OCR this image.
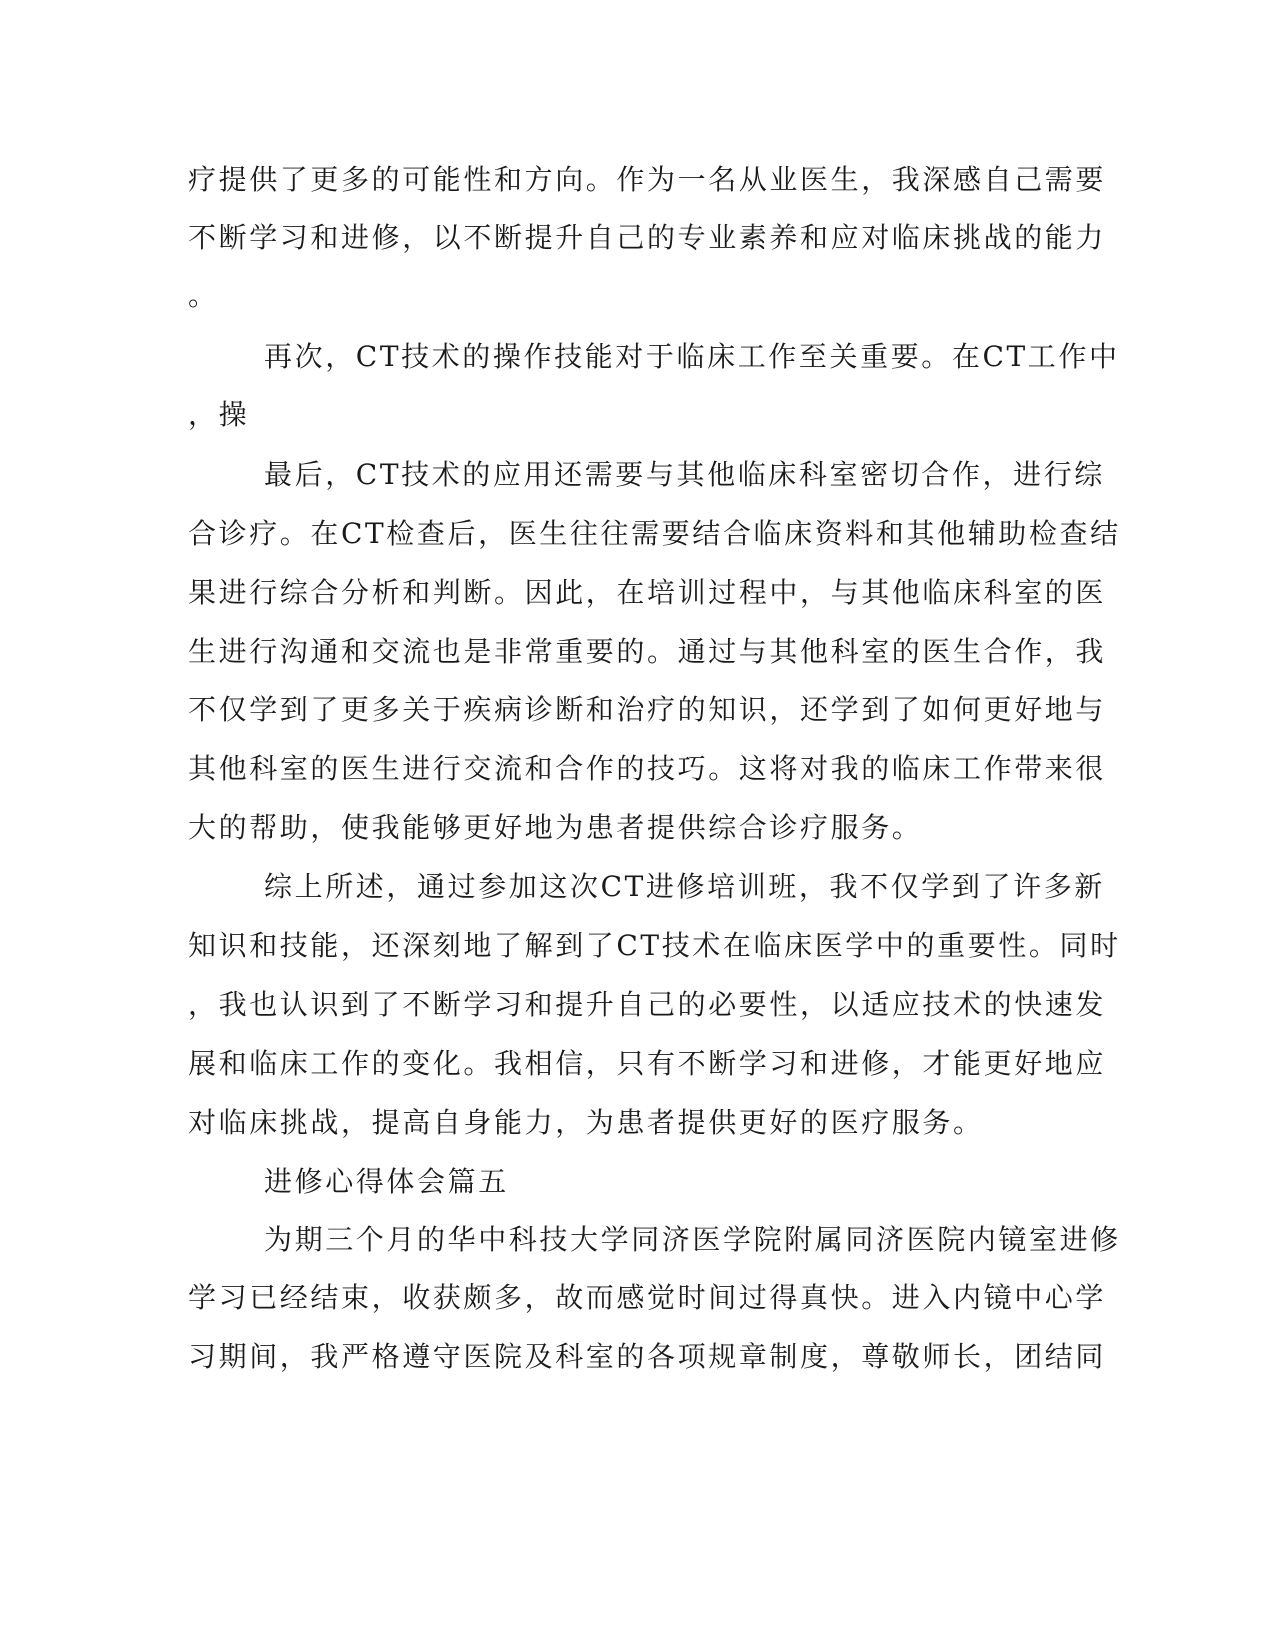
疗提供了更多的可能性和方向。作为一名从业医生，我深感自己需要

不断学习和进修，以不断提升自己的专业素养和应对临床挑战的能力

。

再次，CT技术的操作技能对于临床工作至关重要。在CT工作中

，操

最后，CT技术的应用还需要与其他临床科室密切合作，进行综

合诊疗。在CT检查后，医生往往需要结合临床资料和其他辅助检查结

果进行综合分析和判断。因此，在培训过程中，与其他临床科室的医

生进行沟通和交流也是非常重要的。通过与其他科室的医生合作，我

不仅学到了更多关于疾病诊断和治疗的知识，还学到了如何更好地与

其他科室的医生进行交流和合作的技巧。这将对我的临床工作带来很

大的帮助，使我能够更好地为患者提供综合诊疗服务。

综上所述，通过参加这次CT进修培训班，我不仅学到了许多新

知识和技能，还深刻地了解到了CT技术在临床医学中的重要性。同时

，我也认识到了不断学习和提升自己的必要性，以适应技术的快速发

展和临床工作的变化。我相信，只有不断学习和进修，才能更好地应

对临床挑战，提高自身能力，为患者提供更好的医疗服务。

进修心得体会篇五

为期三个月的华中科技大学同济医学院附属同济医院内镜室进修

学习已经结束，收获颇多，故而感觉时间过得真快。进入内镜中心学

习期间，我严格遵守医院及科室的各项规章制度，尊敬师长，团结同
